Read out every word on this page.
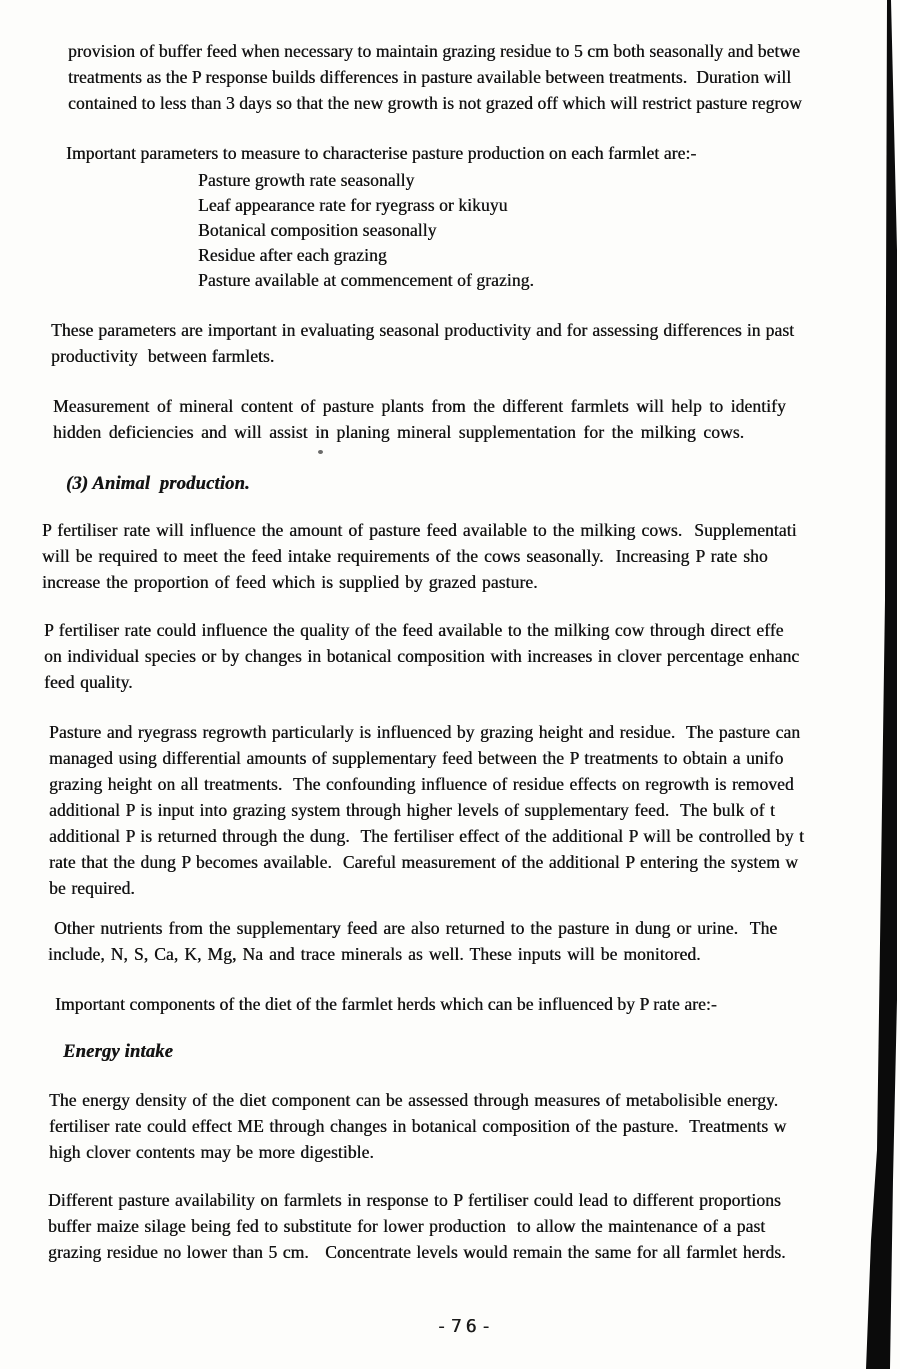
provision of buffer feed when necessary to maintain grazing residue to 5 cm both seasonally and betwe
treatments as the P response builds differences in pasture available between treatments.  Duration will
contained to less than 3 days so that the new growth is not grazed off which will restrict pasture regrow
Important parameters to measure to characterise pasture production on each farmlet are:-
Pasture growth rate seasonally
Leaf appearance rate for ryegrass or kikuyu
Botanical composition seasonally
Residue after each grazing
Pasture available at commencement of grazing.
These parameters are important in evaluating seasonal productivity and for assessing differences in past
productivity  between farmlets.
Measurement of mineral content of pasture plants from the different farmlets will help to identify
hidden deficiencies and will assist in planing mineral supplementation for the milking cows.
(3) Animal  production.
P fertiliser rate will influence the amount of pasture feed available to the milking cows.  Supplementati
will be required to meet the feed intake requirements of the cows seasonally.  Increasing P rate sho
increase the proportion of feed which is supplied by grazed pasture.
P fertiliser rate could influence the quality of the feed available to the milking cow through direct effe
on individual species or by changes in botanical composition with increases in clover percentage enhanc
feed quality.
Pasture and ryegrass regrowth particularly is influenced by grazing height and residue.  The pasture can
managed using differential amounts of supplementary feed between the P treatments to obtain a unifo
grazing height on all treatments.  The confounding influence of residue effects on regrowth is removed
additional P is input into grazing system through higher levels of supplementary feed.  The bulk of t
additional P is returned through the dung.  The fertiliser effect of the additional P will be controlled by t
rate that the dung P becomes available.  Careful measurement of the additional P entering the system w
be required.
Other nutrients from the supplementary feed are also returned to the pasture in dung or urine.  The
include, N, S, Ca, K, Mg, Na and trace minerals as well. These inputs will be monitored.
Important components of the diet of the farmlet herds which can be influenced by P rate are:-
Energy intake
The energy density of the diet component can be assessed through measures of metabolisible energy.
fertiliser rate could effect ME through changes in botanical composition of the pasture.  Treatments w
high clover contents may be more digestible.
Different pasture availability on farmlets in response to P fertiliser could lead to different proportions
buffer maize silage being fed to substitute for lower production  to allow the maintenance of a past
grazing residue no lower than 5 cm.   Concentrate levels would remain the same for all farmlet herds.
-76-
